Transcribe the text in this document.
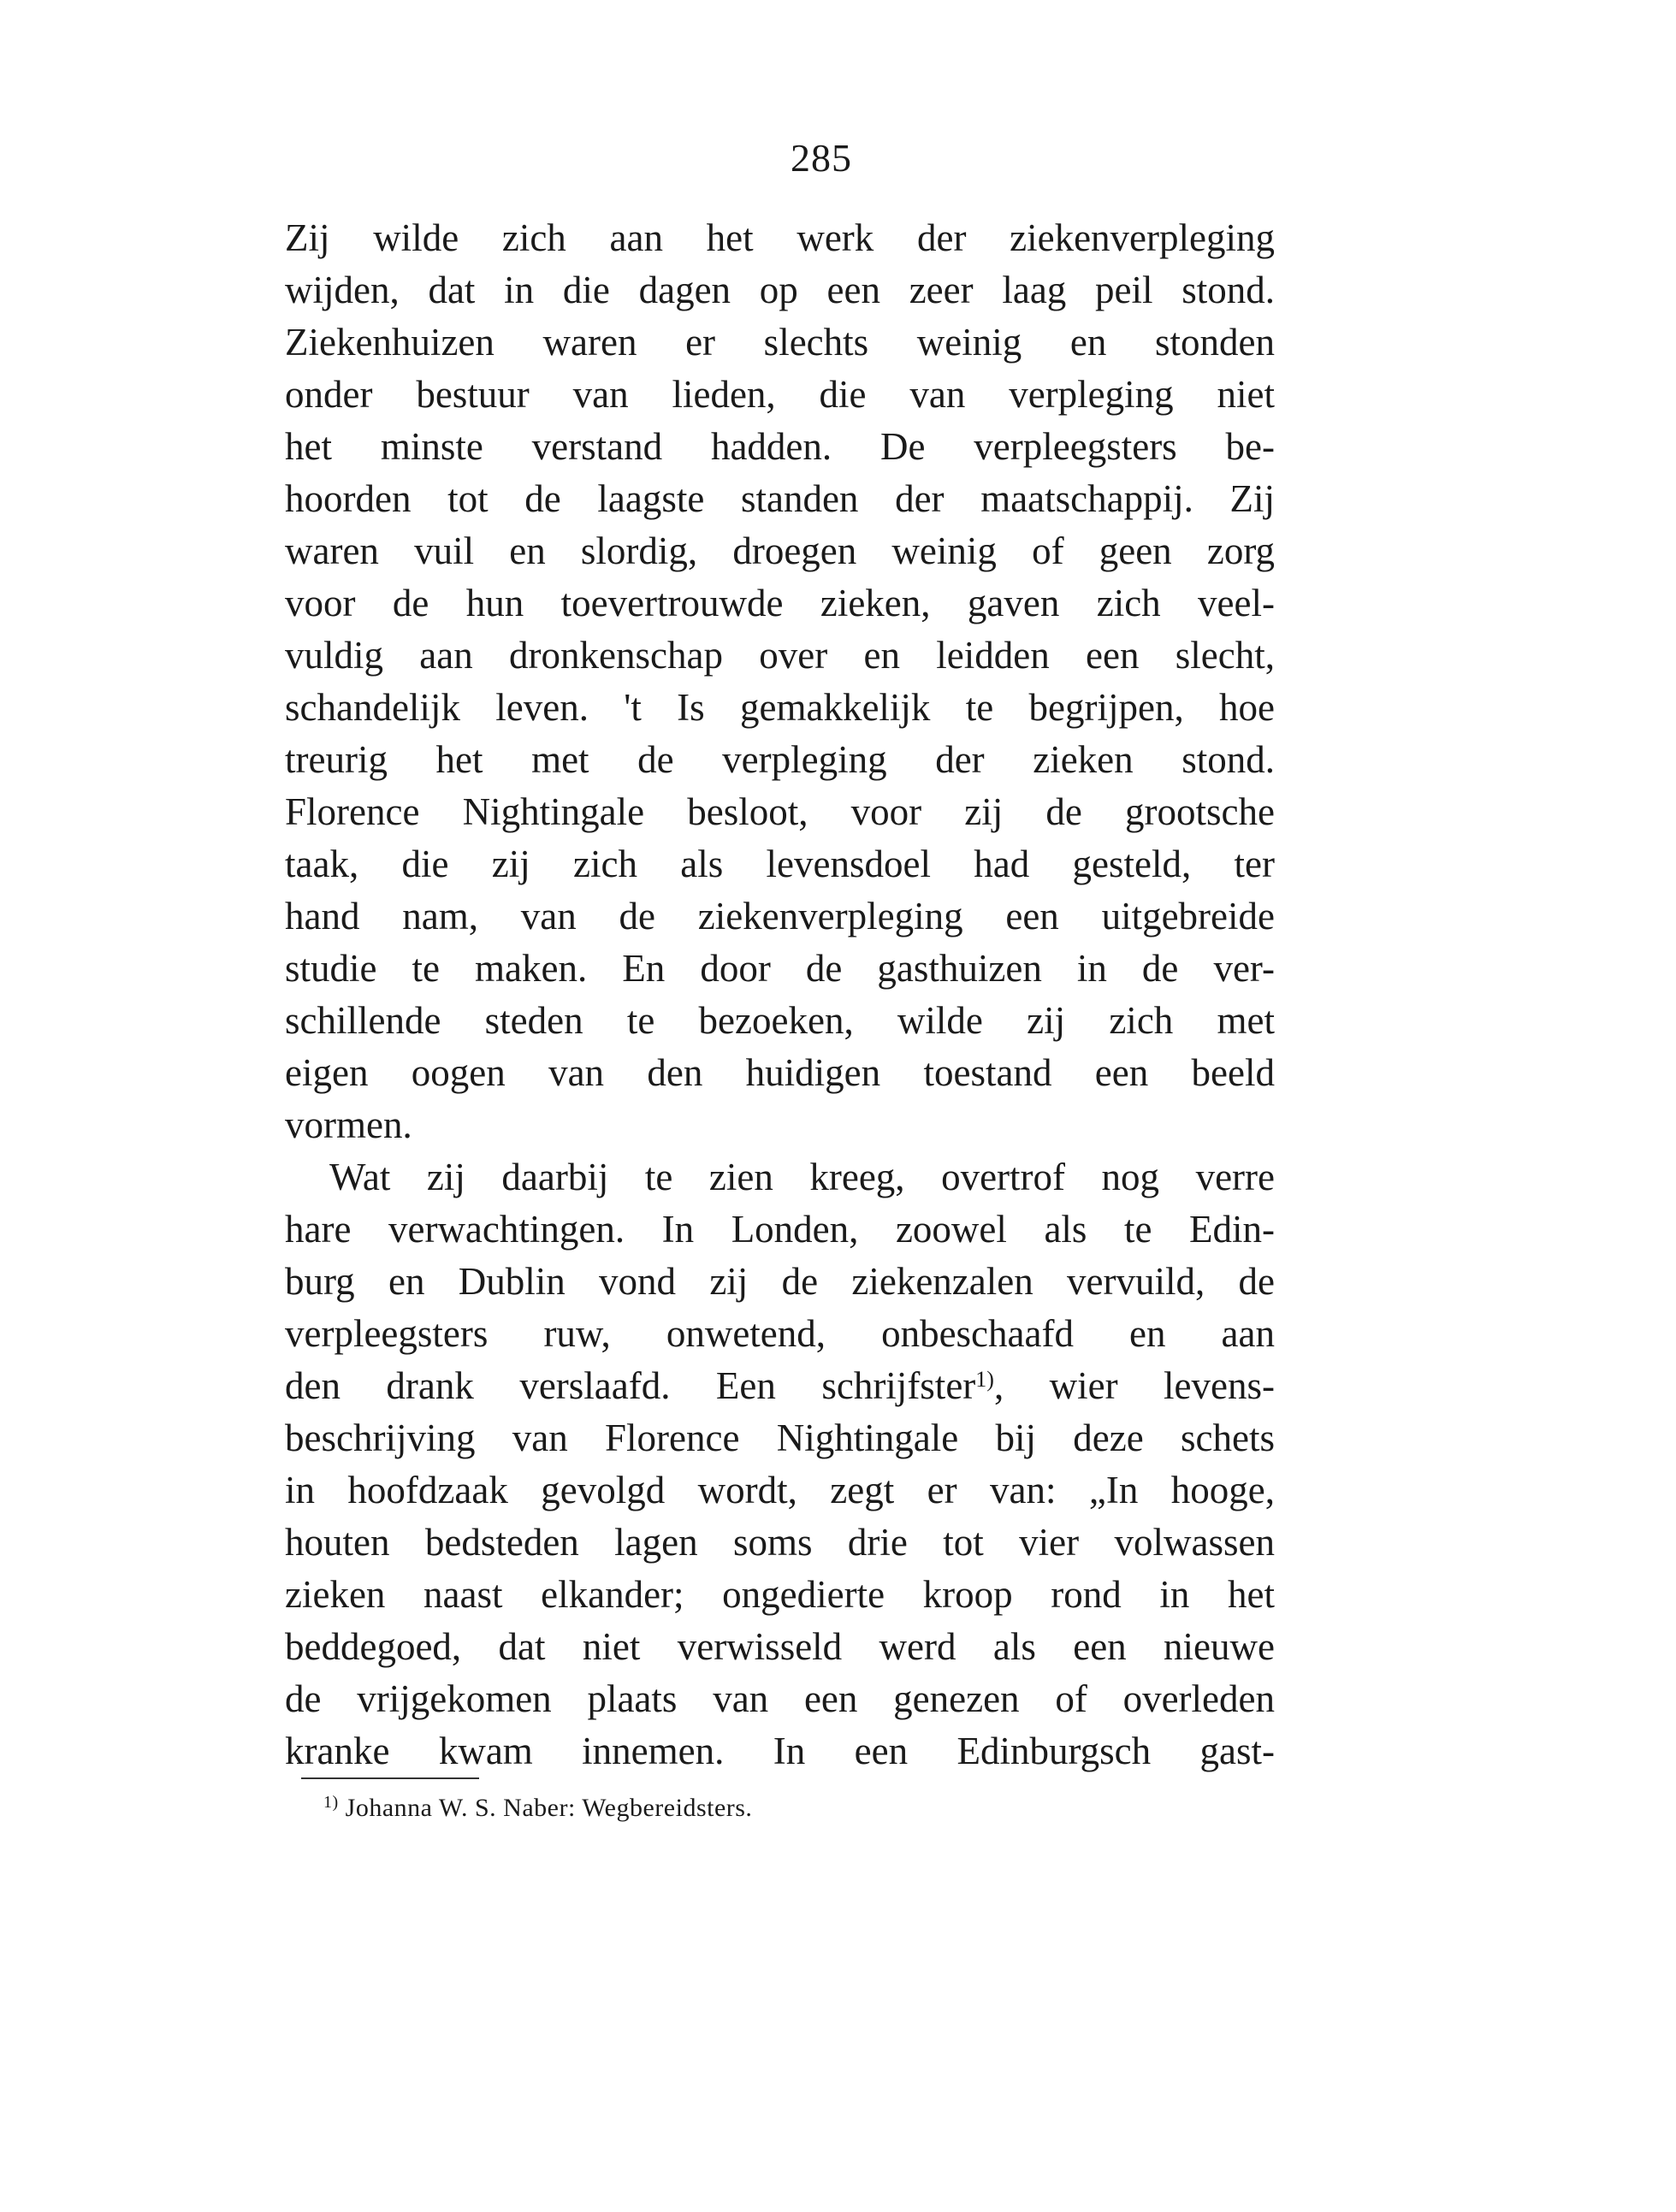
285
Zij wilde zich aan het werk der ziekenverpleging
wijden, dat in die dagen op een zeer laag peil stond.
Ziekenhuizen waren er slechts weinig en stonden
onder bestuur van lieden, die van verpleging niet
het minste verstand hadden. De verpleegsters be-
hoorden tot de laagste standen der maatschappij. Zij
waren vuil en slordig, droegen weinig of geen zorg
voor de hun toevertrouwde zieken, gaven zich veel-
vuldig aan dronkenschap over en leidden een slecht,
schandelijk leven. 't Is gemakkelijk te begrijpen, hoe
treurig het met de verpleging der zieken stond.
Florence Nightingale besloot, voor zij de grootsche
taak, die zij zich als levensdoel had gesteld, ter
hand nam, van de ziekenverpleging een uitgebreide
studie te maken. En door de gasthuizen in de ver-
schillende steden te bezoeken, wilde zij zich met
eigen oogen van den huidigen toestand een beeld
vormen.
Wat zij daarbij te zien kreeg, overtrof nog verre
hare verwachtingen. In Londen, zoowel als te Edin-
burg en Dublin vond zij de ziekenzalen vervuild, de
verpleegsters ruw, onwetend, onbeschaafd en aan
den drank verslaafd. Een schrijfster$^{1)}$, wier levens-
beschrijving van Florence Nightingale bij deze schets
in hoofdzaak gevolgd wordt, zegt er van: „In hooge,
houten bedsteden lagen soms drie tot vier volwassen
zieken naast elkander; ongedierte kroop rond in het
beddegoed, dat niet verwisseld werd als een nieuwe
de vrijgekomen plaats van een genezen of overleden
kranke kwam innemen. In een Edinburgsch gast-
$^{1)}$ Johanna W. S. Naber: Wegbereidsters.
